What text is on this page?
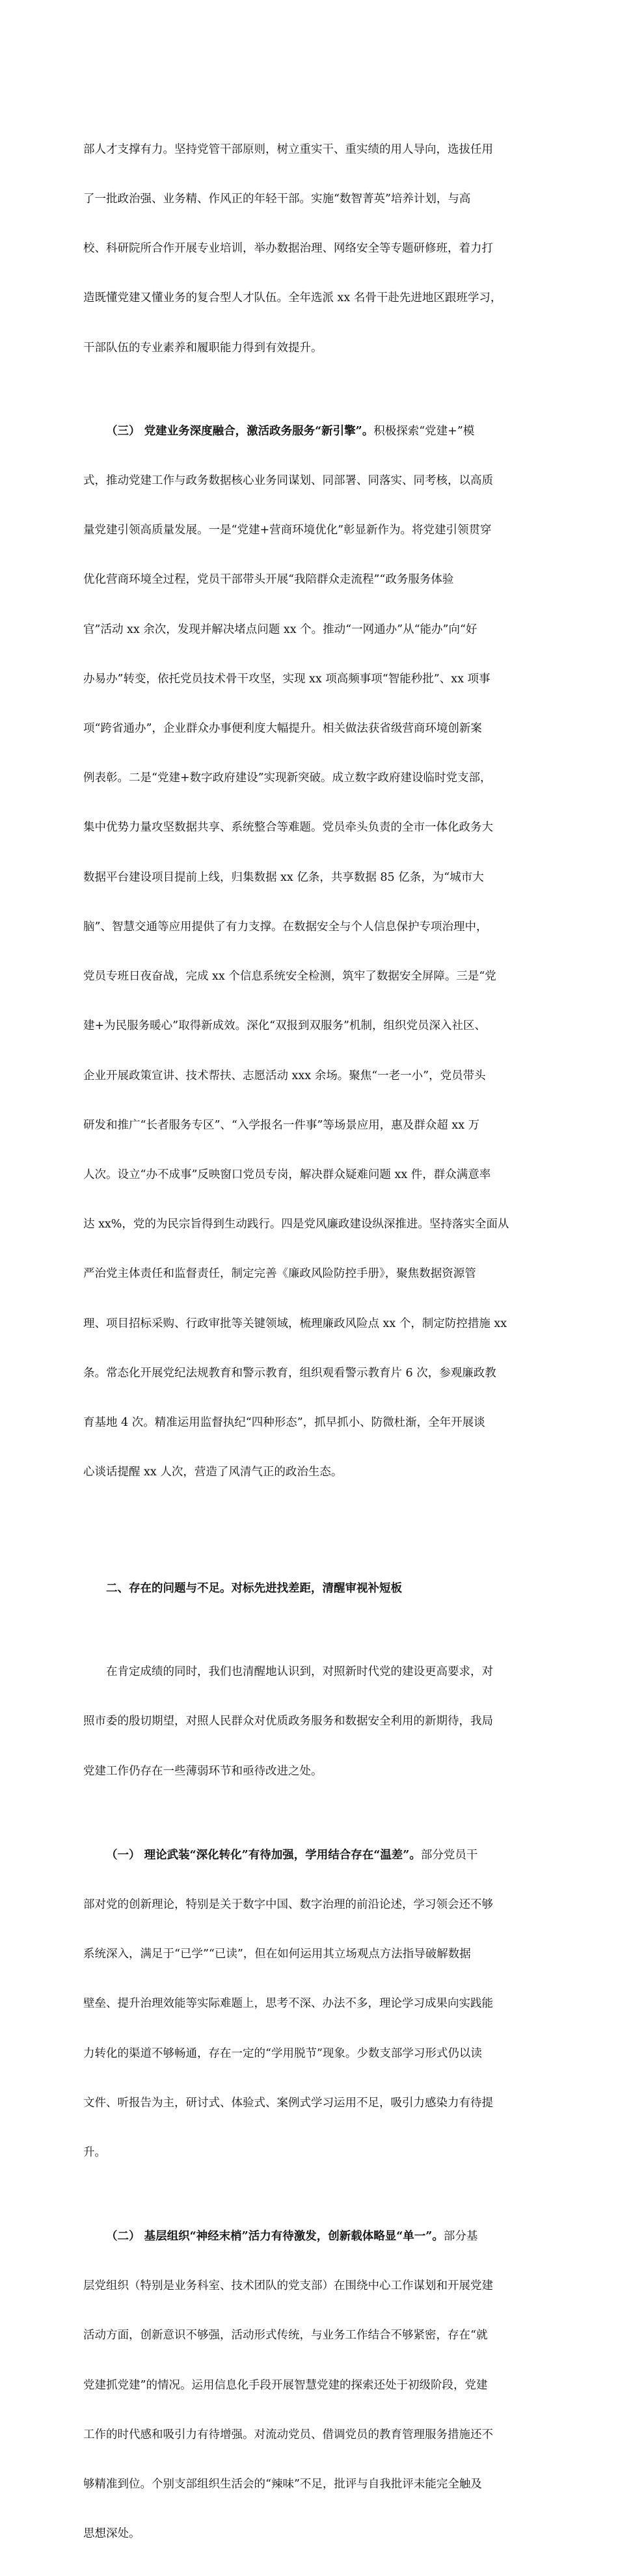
部人才支撑有力。坚持党管干部原则，树立重实干、重实绩的用人导向，选拔任用

了一批政治强、业务精、作风正的年轻干部。实施“数智菁英”培养计划，与高

校、科研院所合作开展专业培训，举办数据治理、网络安全等专题研修班，着力打

造既懂党建又懂业务的复合型人才队伍。全年选派 xx 名骨干赴先进地区跟班学习，

干部队伍的专业素养和履职能力得到有效提升。

（三） 党建业务深度融合，激活政务服务“新引擎”。积极探索“党建+”模

式，推动党建工作与政务数据核心业务同谋划、同部署、同落实、同考核，以高质

量党建引领高质量发展。一是“党建+营商环境优化”彰显新作为。将党建引领贯穿

优化营商环境全过程，党员干部带头开展“我陪群众走流程”“政务服务体验

官”活动 xx 余次，发现并解决堵点问题 xx 个。推动“一网通办”从“能办”向“好

办易办”转变，依托党员技术骨干攻坚，实现 xx 项高频事项“智能秒批”、xx 项事

项“跨省通办”，企业群众办事便利度大幅提升。相关做法获省级营商环境创新案

例表彰。二是“党建+数字政府建设”实现新突破。成立数字政府建设临时党支部，

集中优势力量攻坚数据共享、系统整合等难题。党员牵头负责的全市一体化政务大

数据平台建设项目提前上线，归集数据 xx 亿条，共享数据 85 亿条，为“城市大

脑”、智慧交通等应用提供了有力支撑。在数据安全与个人信息保护专项治理中，

党员专班日夜奋战，完成 xx 个信息系统安全检测，筑牢了数据安全屏障。三是“党

建+为民服务暖心”取得新成效。深化“双报到双服务”机制，组织党员深入社区、

企业开展政策宣讲、技术帮扶、志愿活动 xxx 余场。聚焦“一老一小”，党员带头

研发和推广“长者服务专区”、“入学报名一件事”等场景应用，惠及群众超 xx 万

人次。设立“办不成事”反映窗口党员专岗，解决群众疑难问题 xx 件，群众满意率

达 xx%，党的为民宗旨得到生动践行。四是党风廉政建设纵深推进。坚持落实全面从

严治党主体责任和监督责任，制定完善《廉政风险防控手册》，聚焦数据资源管

理、项目招标采购、行政审批等关键领域，梳理廉政风险点 xx 个，制定防控措施 xx

条。常态化开展党纪法规教育和警示教育，组织观看警示教育片 6 次，参观廉政教

育基地 4 次。精准运用监督执纪“四种形态”，抓早抓小、防微杜渐，全年开展谈

心谈话提醒 xx 人次，营造了风清气正的政治生态。

二、存在的问题与不足。对标先进找差距，清醒审视补短板

在肯定成绩的同时，我们也清醒地认识到，对照新时代党的建设更高要求，对

照市委的殷切期望，对照人民群众对优质政务服务和数据安全利用的新期待，我局

党建工作仍存在一些薄弱环节和亟待改进之处。

（一） 理论武装“深化转化”有待加强，学用结合存在“温差”。部分党员干

部对党的创新理论，特别是关于数字中国、数字治理的前沿论述，学习领会还不够

系统深入，满足于“已学”“已读”，但在如何运用其立场观点方法指导破解数据

壁垒、提升治理效能等实际难题上，思考不深、办法不多，理论学习成果向实践能

力转化的渠道不够畅通，存在一定的“学用脱节”现象。少数支部学习形式仍以读

文件、听报告为主，研讨式、体验式、案例式学习运用不足，吸引力感染力有待提

升。

（二） 基层组织“神经末梢”活力有待激发，创新载体略显“单一”。部分基

层党组织（特别是业务科室、技术团队的党支部）在围绕中心工作谋划和开展党建

活动方面，创新意识不够强，活动形式传统，与业务工作结合不够紧密，存在“就

党建抓党建”的情况。运用信息化手段开展智慧党建的探索还处于初级阶段，党建

工作的时代感和吸引力有待增强。对流动党员、借调党员的教育管理服务措施还不

够精准到位。个别支部组织生活会的“辣味”不足，批评与自我批评未能完全触及

思想深处。
